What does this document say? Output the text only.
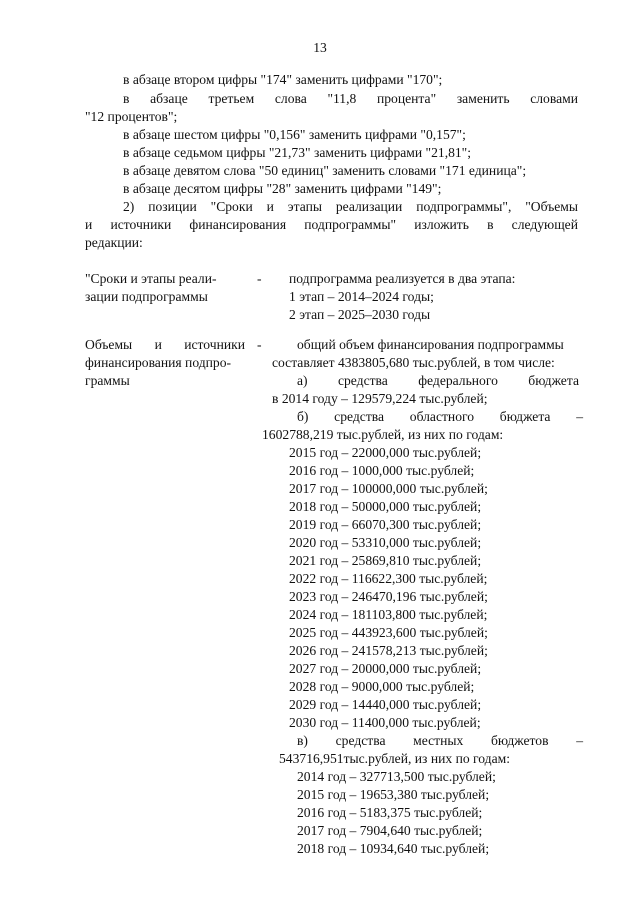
13
в абзаце втором цифры "174" заменить цифрами "170";
в абзаце третьем слова "11,8 процента" заменить словами
"12 процентов";
в абзаце шестом цифры "0,156" заменить цифрами "0,157";
в абзаце седьмом цифры "21,73" заменить цифрами "21,81";
в абзаце девятом слова "50 единиц" заменить словами "171 единица";
в абзаце десятом цифры "28" заменить цифрами "149";
2) позиции "Сроки и этапы реализации подпрограммы", "Объемы
и источники финансирования подпрограммы" изложить в следующей
редакции:
"Сроки и этапы реали-
зации подпрограммы
- подпрограмма реализуется в два этапа:
1 этап – 2014–2024 годы;
2 этап – 2025–2030 годы
Объемы и источники
финансирования подпро-
граммы
-	общий объем финансирования подпрограммы
составляет 4383805,680 тыс.рублей, в том числе:
а) средства федерального бюджета
в 2014 году – 129579,224 тыс.рублей;
б) средства областного бюджета –
1602788,219 тыс.рублей, из них по годам:
2015 год – 22000,000 тыс.рублей;
2016 год – 1000,000 тыс.рублей;
2017 год – 100000,000 тыс.рублей;
2018 год – 50000,000 тыс.рублей;
2019 год – 66070,300 тыс.рублей;
2020 год – 53310,000 тыс.рублей;
2021 год – 25869,810 тыс.рублей;
2022 год – 116622,300 тыс.рублей;
2023 год – 246470,196 тыс.рублей;
2024 год – 181103,800 тыс.рублей;
2025 год – 443923,600 тыс.рублей;
2026 год – 241578,213 тыс.рублей;
2027 год – 20000,000 тыс.рублей;
2028 год – 9000,000 тыс.рублей;
2029 год – 14440,000 тыс.рублей;
2030 год – 11400,000 тыс.рублей;
в) средства местных бюджетов –
543716,951тыс.рублей, из них по годам:
2014 год – 327713,500 тыс.рублей;
2015 год – 19653,380 тыс.рублей;
2016 год – 5183,375 тыс.рублей;
2017 год – 7904,640 тыс.рублей;
2018 год – 10934,640 тыс.рублей;
